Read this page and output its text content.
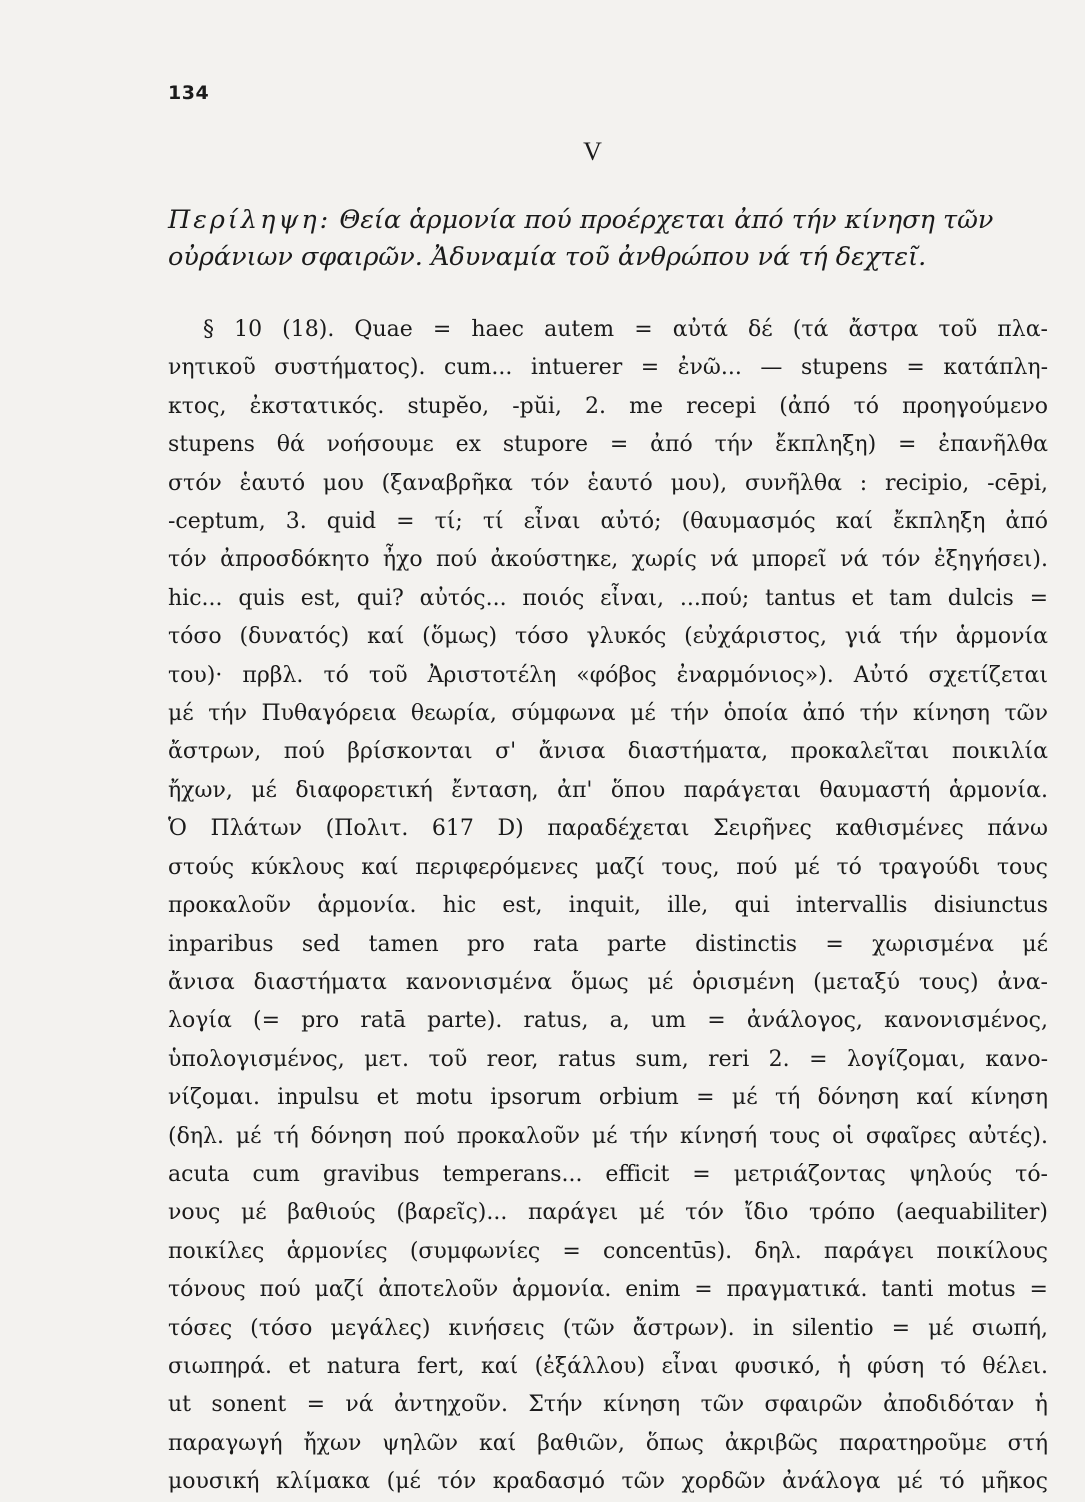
134
V
Περίληψη: Θεία ἁρμονία πού προέρχεται ἀπό τήν κίνηση τῶν
οὐράνιων σφαιρῶν. Ἀδυναμία τοῦ ἀνθρώπου νά τή δεχτεῖ.
§ 10 (18). Quae = haec autem = αὐτά δέ (τά ἄστρα τοῦ πλα-
νητικοῦ συστήματος). cum... intuerer = ἐνῶ... — stupens = κατάπλη-
κτος, ἐκστατικός. stupĕo, -pŭi, 2. me recepi (ἀπό τό προηγούμενο
stupens θά νοήσουμε ex stupore = ἀπό τήν ἔκπληξη) = ἐπανῆλθα
στόν ἑαυτό μου (ξαναβρῆκα τόν ἑαυτό μου), συνῆλθα : recipio, -cēpi,
-ceptum, 3. quid = τί; τί εἶναι αὐτό; (θαυμασμός καί ἔκπληξη ἀπό
τόν ἀπροσδόκητο ἦχο πού ἀκούστηκε, χωρίς νά μπορεῖ νά τόν ἐξηγήσει).
hic... quis est, qui? αὐτός... ποιός εἶναι, ...πού; tantus et tam dulcis =
τόσο (δυνατός) καί (ὅμως) τόσο γλυκός (εὐχάριστος, γιά τήν ἁρμονία
του)· πρβλ. τό τοῦ Ἀριστοτέλη «φόβος ἐναρμόνιος»). Αὐτό σχετίζεται
μέ τήν Πυθαγόρεια θεωρία, σύμφωνα μέ τήν ὁποία ἀπό τήν κίνηση τῶν
ἄστρων, πού βρίσκονται σ' ἄνισα διαστήματα, προκαλεῖται ποικιλία
ἤχων, μέ διαφορετική ἔνταση, ἀπ' ὅπου παράγεται θαυμαστή ἁρμονία.
Ὁ Πλάτων (Πολιτ. 617 D) παραδέχεται Σειρῆνες καθισμένες πάνω
στούς κύκλους καί περιφερόμενες μαζί τους, πού μέ τό τραγούδι τους
προκαλοῦν ἁρμονία. hic est, inquit, ille, qui intervallis disiunctus
inparibus sed tamen pro rata parte distinctis = χωρισμένα μέ
ἄνισα διαστήματα κανονισμένα ὅμως μέ ὁρισμένη (μεταξύ τους) ἀνα-
λογία (= pro ratā parte). ratus, a, um = ἀνάλογος, κανονισμένος,
ὑπολογισμένος, μετ. τοῦ reor, ratus sum, reri 2. = λογίζομαι, κανο-
νίζομαι. inpulsu et motu ipsorum orbium = μέ τή δόνηση καί κίνηση
(δηλ. μέ τή δόνηση πού προκαλοῦν μέ τήν κίνησή τους οἱ σφαῖρες αὐτές).
acuta cum gravibus temperans... efficit = μετριάζοντας ψηλούς τό-
νους μέ βαθιούς (βαρεῖς)... παράγει μέ τόν ἴδιο τρόπο (aequabiliter)
ποικίλες ἁρμονίες (συμφωνίες = concentūs). δηλ. παράγει ποικίλους
τόνους πού μαζί ἀποτελοῦν ἁρμονία. enim = πραγματικά. tanti motus =
τόσες (τόσο μεγάλες) κινήσεις (τῶν ἄστρων). in silentio = μέ σιωπή,
σιωπηρά. et natura fert, καί (ἐξάλλου) εἶναι φυσικό, ἡ φύση τό θέλει.
ut sonent = νά ἀντηχοῦν. Στήν κίνηση τῶν σφαιρῶν ἀποδιδόταν ἡ
παραγωγή ἤχων ψηλῶν καί βαθιῶν, ὅπως ἀκριβῶς παρατηροῦμε στή
μουσική κλίμακα (μέ τόν κραδασμό τῶν χορδῶν ἀνάλογα μέ τό μῆκος
